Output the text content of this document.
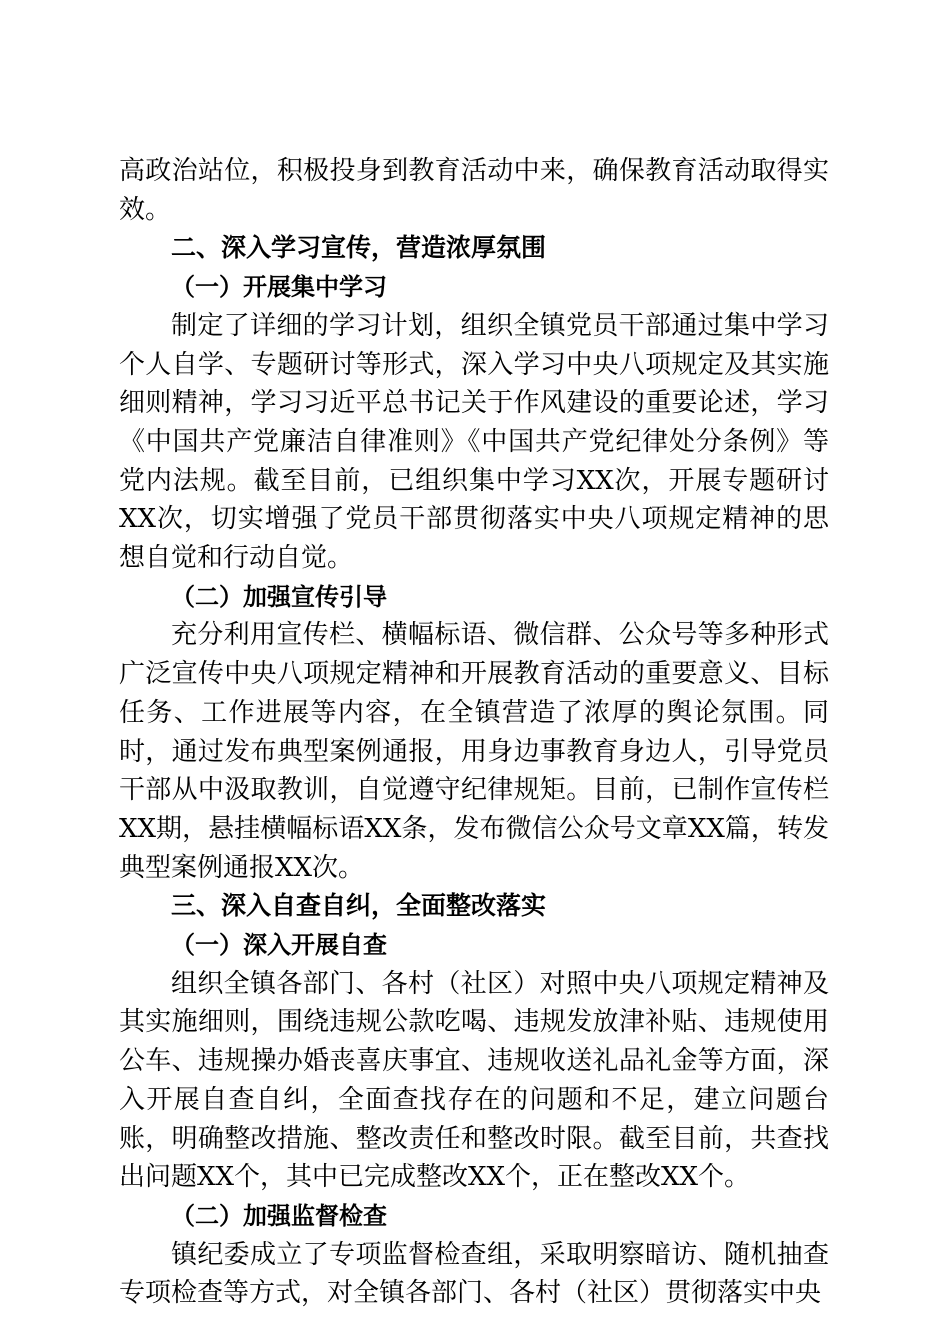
高政治站位，积极投身到教育活动中来，确保教育活动取得实效。

二、深入学习宣传，营造浓厚氛围
（一）开展集中学习

制定了详细的学习计划，组织全镇党员干部通过集中学习个人自学、专题研讨等形式，深入学习中央八项规定及其实施细则精神，学习习近平总书记关于作风建设的重要论述，学习《中国共产党廉洁自律准则》《中国共产党纪律处分条例》等党内法规。截至目前，已组织集中学习XX次，开展专题研讨XX次，切实增强了党员干部贯彻落实中央八项规定精神的思想自觉和行动自觉。

（二）加强宣传引导

充分利用宣传栏、横幅标语、微信群、公众号等多种形式广泛宣传中央八项规定精神和开展教育活动的重要意义、目标任务、工作进展等内容，在全镇营造了浓厚的舆论氛围。同时，通过发布典型案例通报，用身边事教育身边人，引导党员干部从中汲取教训，自觉遵守纪律规矩。目前，已制作宣传栏XX期，悬挂横幅标语XX条，发布微信公众号文章XX篇，转发典型案例通报XX次。

三、深入自查自纠，全面整改落实
（一）深入开展自查

组织全镇各部门、各村（社区）对照中央八项规定精神及其实施细则，围绕违规公款吃喝、违规发放津补贴、违规使用公车、违规操办婚丧喜庆事宜、违规收送礼品礼金等方面，深入开展自查自纠，全面查找存在的问题和不足，建立问题台账，明确整改措施、整改责任和整改时限。截至目前，共查找出问题XX个，其中已完成整改XX个，正在整改XX个。

（二）加强监督检查

镇纪委成立了专项监督检查组，采取明察暗访、随机抽查专项检查等方式，对全镇各部门、各村（社区）贯彻落实中央
